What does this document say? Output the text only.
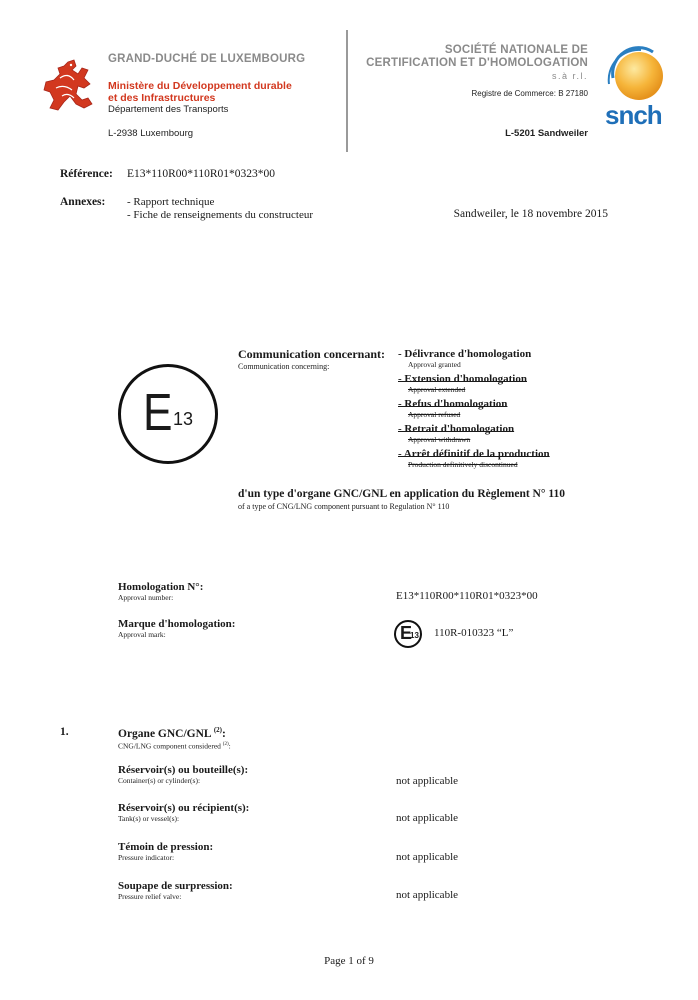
GRAND-DUCHÉ DE LUXEMBOURG
Ministère du Développement durable
et des Infrastructures
Département des Transports
L-2938 Luxembourg
SOCIÉTÉ NATIONALE DE
CERTIFICATION ET D'HOMOLOGATION
s.à r.l.
Registre de Commerce: B 27180
L-5201 Sandweiler
snch
Référence: E13*110R00*110R01*0323*00
Annexes: - Rapport technique
- Fiche de renseignements du constructeur	Sandweiler, le 18 novembre 2015
E 13
Communication concernant:
Communication concerning:
- Délivrance d'homologation
Approval granted
- Extension d'homologation
Approval extended
- Refus d'homologation
Approval refused
- Retrait d'homologation
Approval withdrawn
- Arrêt définitif de la production
Production definitively discontinued
d'un type d'organe GNC/GNL en application du Règlement N° 110
of a type of CNG/LNG component pursuant to Regulation N° 110
Homologation N°:
Approval number:	E13*110R00*110R01*0323*00
Marque d'homologation:
Approval mark:	E
13 110R-010323 “L”
1.	Organe GNC/GNL $^{(2)}$:
CNG/LNG component considered $^{(2)}$:
Réservoir(s) ou bouteille(s):
Container(s) or cylinder(s):	not applicable
Réservoir(s) ou récipient(s):
Tank(s) or vessel(s):	not applicable
Témoin de pression:
Pressure indicator:	not applicable
Soupape de surpression:
Pressure relief valve:	not applicable
Page 1 of 9
